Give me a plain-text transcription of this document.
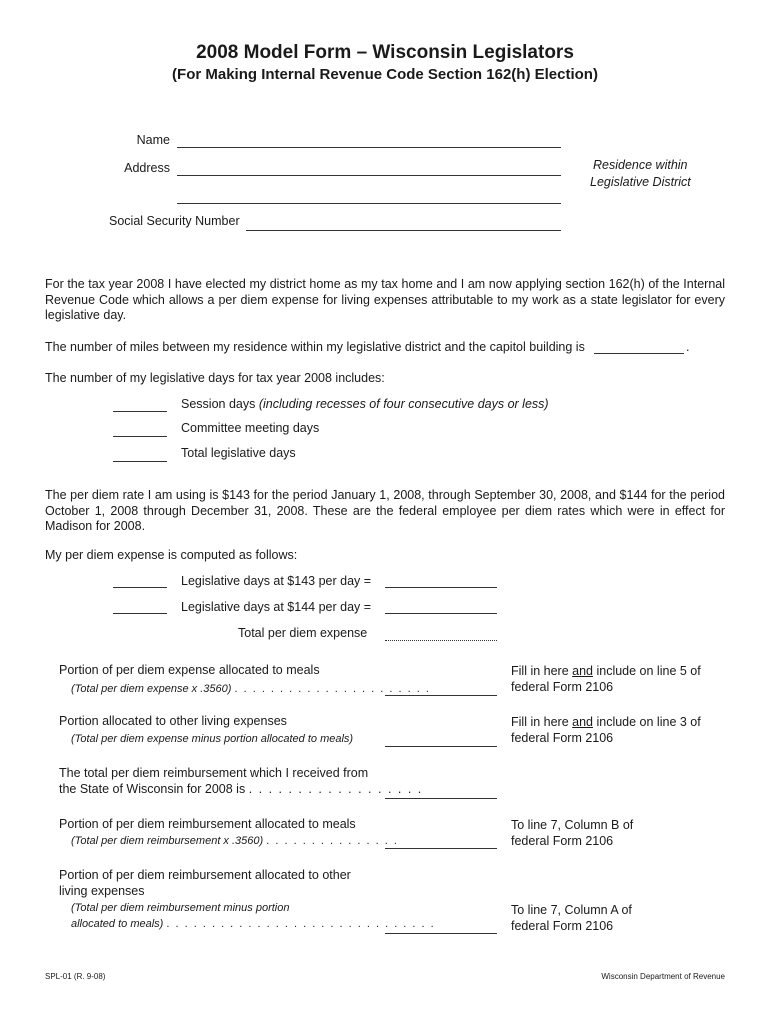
2008 Model Form – Wisconsin Legislators
(For Making Internal Revenue Code Section 162(h) Election)
Name
Address	Residence within
Legislative District
Social Security Number
For the tax year 2008 I have elected my district home as my tax home and I am now applying section 162(h) of the Internal Revenue Code which allows a per diem expense for living expenses attributable to my work as a state legislator for every legislative day.
The number of miles between my residence within my legislative district and the capitol building is	.
The number of my legislative days for tax year 2008 includes:
Session days (including recesses of four consecutive days or less)
Committee meeting days
Total legislative days
The per diem rate I am using is $143 for the period January 1, 2008, through September 30, 2008, and $144 for the period October 1, 2008 through December 31, 2008. These are the federal employee per diem rates which were in effect for Madison for 2008.
My per diem expense is computed as follows:
Legislative days at $143 per day =
Legislative days at $144 per day =
Total per diem expense
Portion of per diem expense allocated to meals
(Total per diem expense x .3560) . . . . . . . . . . . . . . . . . . . . . .
Fill in here and include on line 5 of
federal Form 2106
Portion allocated to other living expenses
(Total per diem expense minus portion allocated to meals)
Fill in here and include on line 3 of
federal Form 2106
The total per diem reimbursement which I received from
the State of Wisconsin for 2008 is . . . . . . . . . . . . . . . . . .
Portion of per diem reimbursement allocated to meals
(Total per diem reimbursement x .3560) . . . . . . . . . . . . . . .
To line 7, Column B of
federal Form 2106
Portion of per diem reimbursement allocated to other
living expenses
(Total per diem reimbursement minus portion
allocated to meals) . . . . . . . . . . . . . . . . . . . . . . . . . . . . . .
To line 7, Column A of
federal Form 2106
SPL-01 (R. 9-08)	Wisconsin Department of Revenue
